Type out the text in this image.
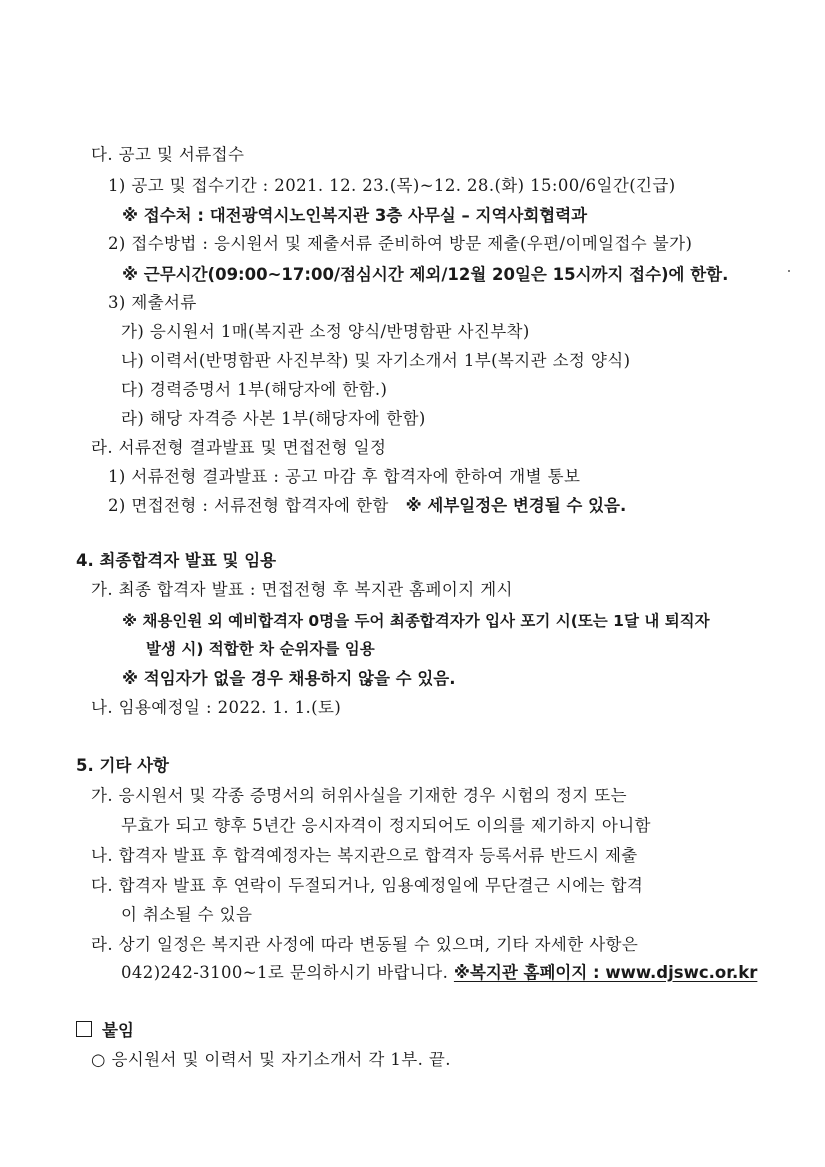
다. 공고 및 서류접수
1) 공고 및 접수기간 : 2021. 12. 23.(목)~12. 28.(화) 15:00/6일간(긴급)
※ 접수처 : 대전광역시노인복지관 3층 사무실 – 지역사회협력과
2) 접수방법 : 응시원서 및 제출서류 준비하여 방문 제출(우편/이메일접수 불가)
※ 근무시간(09:00~17:00/점심시간 제외/12월 20일은 15시까지 접수)에 한함.
3) 제출서류
가) 응시원서 1매(복지관 소정 양식/반명함판 사진부착)
나) 이력서(반명함판 사진부착) 및 자기소개서 1부(복지관 소정 양식)
다) 경력증명서 1부(해당자에 한함.)
라) 해당 자격증 사본 1부(해당자에 한함)
라. 서류전형 결과발표 및 면접전형 일정
1) 서류전형 결과발표 : 공고 마감 후 합격자에 한하여 개별 통보
2) 면접전형 : 서류전형 합격자에 한함 ※ 세부일정은 변경될 수 있음.
4. 최종합격자 발표 및 임용
가. 최종 합격자 발표 : 면접전형 후 복지관 홈페이지 게시
※ 채용인원 외 예비합격자 0명을 두어 최종합격자가 입사 포기 시(또는 1달 내 퇴직자
발생 시) 적합한 차 순위자를 임용
※ 적임자가 없을 경우 채용하지 않을 수 있음.
나. 임용예정일 : 2022. 1. 1.(토)
5. 기타 사항
가. 응시원서 및 각종 증명서의 허위사실을 기재한 경우 시험의 정지 또는
무효가 되고 향후 5년간 응시자격이 정지되어도 이의를 제기하지 아니함
나. 합격자 발표 후 합격예정자는 복지관으로 합격자 등록서류 반드시 제출
다. 합격자 발표 후 연락이 두절되거나, 임용예정일에 무단결근 시에는 합격
이 취소될 수 있음
라. 상기 일정은 복지관 사정에 따라 변동될 수 있으며, 기타 자세한 사항은
042)242-3100~1로 문의하시기 바랍니다. ※복지관 홈페이지 : www.djswc.or.kr
붙임
○ 응시원서 및 이력서 및 자기소개서 각 1부. 끝.
